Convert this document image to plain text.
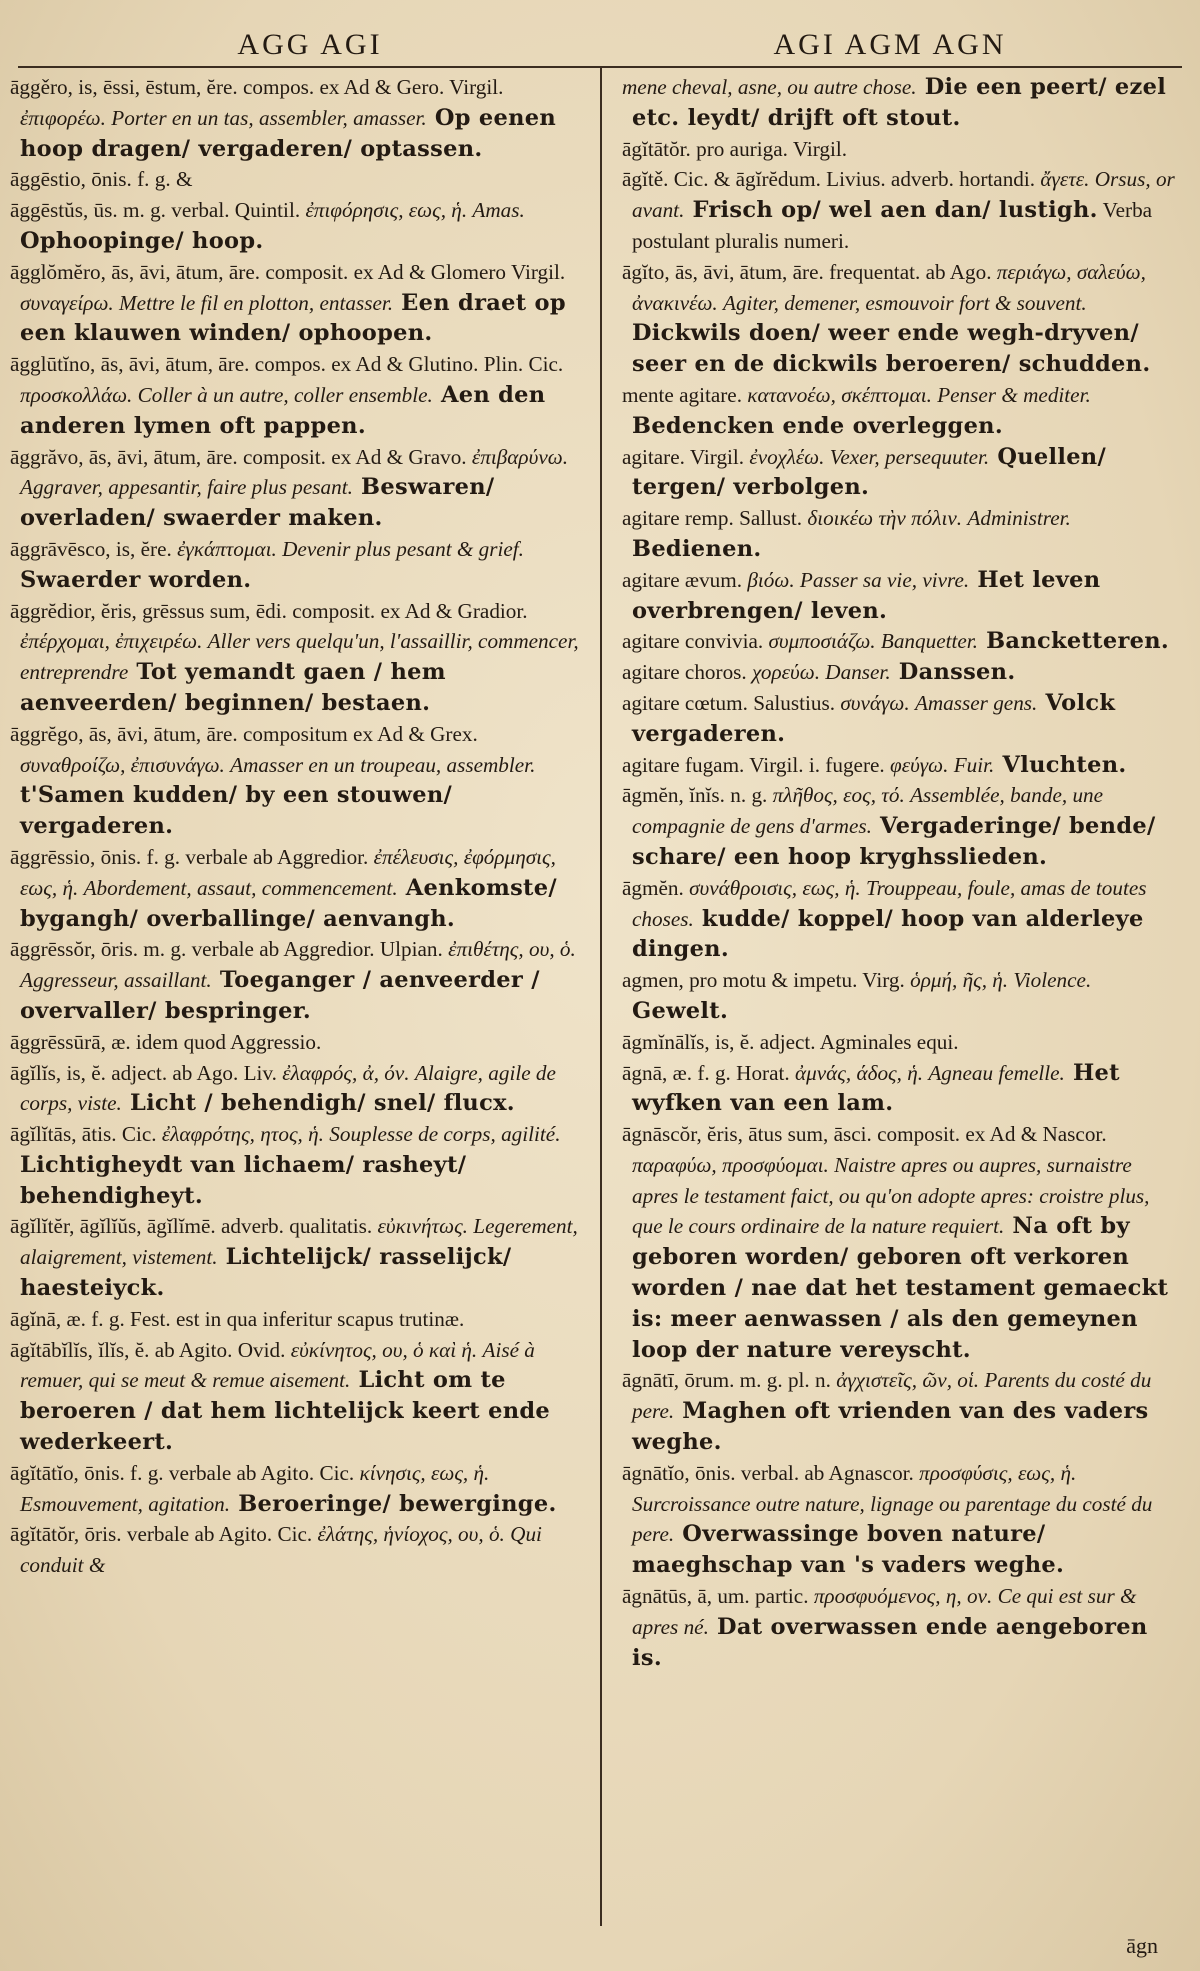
AGG AGI	AGI AGM AGN

āggěro, is, ēssi, ēstum, ĕre. compos. ex Ad & Gero. Virgil. ἐπιφορέω. Porter en un tas, assembler, amasser. Op eenen hoop dragen/ vergaderen/ optassen.

āggēstio, ōnis. f. g. &

āggēstŭs, ūs. m. g. verbal. Quintil. ἐπιφόρησις, εως, ἡ. Amas. Ophoopinge/ hoop.

āgglŏmĕro, ās, āvi, ātum, āre. composit. ex Ad & Glomero Virgil. συναγείρω. Mettre le fil en plotton, entasser. Een draet op een klauwen winden/ ophoopen.

āgglūtĭno, ās, āvi, ātum, āre. compos. ex Ad & Glutino. Plin. Cic. προσκολλάω. Coller à un autre, coller ensemble. Aen den anderen lymen oft pappen.

āggrăvo, ās, āvi, ātum, āre. composit. ex Ad & Gravo. ἐπιβαρύνω. Aggraver, appesantir, faire plus pesant. Beswaren/ overladen/ swaerder maken.

āggrāvēsco, is, ĕre. ἐγκάπτομαι. Devenir plus pesant & grief. Swaerder worden.

āggrĕdior, ĕris, grēssus sum, ēdi. composit. ex Ad & Gradior. ἐπέρχομαι, ἐπιχειρέω. Aller vers quelqu'un, l'assaillir, commencer, entreprendre Tot yemandt gaen / hem aenveerden/ beginnen/ bestaen.

āggrĕgo, ās, āvi, ātum, āre. compositum ex Ad & Grex. συναθροίζω, ἐπισυνάγω. Amasser en un troupeau, assembler. t'Samen kudden/ by een stouwen/ vergaderen.

āggrēssio, ōnis. f. g. verbale ab Aggredior. ἐπέλευσις, ἐφόρμησις, εως, ἡ. Abordement, assaut, commencement. Aenkomste/ bygangh/ overballinge/ aenvangh.

āggrēssŏr, ōris. m. g. verbale ab Aggredior. Ulpian. ἐπιθέτης, ου, ὁ. Aggresseur, assaillant. Toeganger / aenveerder / overvaller/ bespringer.

āggrēssūrā, æ. idem quod Aggressio.

āgĭlĭs, is, ĕ. adject. ab Ago. Liv. ἐλαφρός, ἀ, όν. Alaigre, agile de corps, viste. Licht / behendigh/ snel/ flucx.

āgĭlĭtās, ātis. Cic. ἐλαφρότης, ητος, ἡ. Souplesse de corps, agilité. Lichtigheydt van lichaem/ rasheyt/ behendigheyt.

āgĭlĭtĕr, āgĭlĭŭs, āgĭlĭmē. adverb. qualitatis. εὐκινήτως. Legerement, alaigrement, vistement. Lichtelijck/ rasselijck/ haesteiyck.

āgĭnā, æ. f. g. Fest. est in qua inferitur scapus trutinæ.

āgĭtābĭlĭs, ĭlĭs, ĕ. ab Agito. Ovid. εὐκίνητος, ου, ὁ καὶ ἡ. Aisé à remuer, qui se meut & remue aisement. Licht om te beroeren / dat hem lichtelijck keert ende wederkeert.

āgĭtātĭo, ōnis. f. g. verbale ab Agito. Cic. κίνησις, εως, ἡ. Esmouvement, agitation. Beroeringe/ bewerginge.

āgĭtātŏr, ōris. verbale ab Agito. Cic. ἐλάτης, ἡνίοχος, ου, ὁ. Qui conduit &

mene cheval, asne, ou autre chose. Die een peert/ ezel etc. leydt/ drijft oft stout.

āgĭtātŏr. pro auriga. Virgil.

āgĭtě. Cic. & āgĭrĕdum. Livius. adverb. hortandi. ἄγετε. Orsus, or avant. Frisch op/ wel aen dan/ lustigh. Verba postulant pluralis numeri.

āgĭto, ās, āvi, ātum, āre. frequentat. ab Ago. περιάγω, σαλεύω, ἀνακινέω. Agiter, demener, esmouvoir fort & souvent. Dickwils doen/ weer ende wegh-dryven/ seer en de dickwils beroeren/ schudden.

mente agitare. κατανοέω, σκέπτομαι. Penser & mediter. Bedencken ende overleggen.

agitare. Virgil. ἐνοχλέω. Vexer, persequuter. Quellen/ tergen/ verbolgen.

agitare remp. Sallust. διοικέω τὴν πόλιν. Administrer. Bedienen.

agitare ævum. βιόω. Passer sa vie, vivre. Het leven overbrengen/ leven.

agitare convivia. συμποσιάζω. Banquetter. Bancketteren.

agitare choros. χορεύω. Danser. Danssen.

agitare cœtum. Salustius. συνάγω. Amasser gens. Volck vergaderen.

agitare fugam. Virgil. i. fugere. φεύγω. Fuir. Vluchten.

āgmĕn, ĭnĭs. n. g. πλῆθος, εος, τό. Assemblée, bande, une compagnie de gens d'armes. Vergaderinge/ bende/ schare/ een hoop kryghsslieden.

āgmĕn. συνάθροισις, εως, ἡ. Trouppeau, foule, amas de toutes choses. kudde/ koppel/ hoop van alderleye dingen.

agmen, pro motu & impetu. Virg. ὁρμή, ῆς, ἡ. Violence. Gewelt.

āgmĭnālĭs, is, ĕ. adject. Agminales equi.

āgnā, æ. f. g. Horat. ἀμνάς, άδος, ἡ. Agneau femelle. Het wyfken van een lam.

āgnāscŏr, ĕris, ātus sum, āsci. composit. ex Ad & Nascor. παραφύω, προσφύομαι. Naistre apres ou aupres, surnaistre apres le testament faict, ou qu'on adopte apres: croistre plus, que le cours ordinaire de la nature requiert. Na oft by geboren worden/ geboren oft verkoren worden / nae dat het testament gemaeckt is: meer aenwassen / als den gemeynen loop der nature vereyscht.

āgnātī, ōrum. m. g. pl. n. ἀγχιστεῖς, ῶν, οἱ. Parents du costé du pere. Maghen oft vrienden van des vaders weghe.

āgnātĭo, ōnis. verbal. ab Agnascor. προσφύσις, εως, ἡ. Surcroissance outre nature, lignage ou parentage du costé du pere. Overwassinge boven nature/ maeghschap van 's vaders weghe.

āgnātūs, ā, um. partic. προσφυόμενος, η, ον. Ce qui est sur & apres né. Dat overwassen ende aengeboren is.

āgn
